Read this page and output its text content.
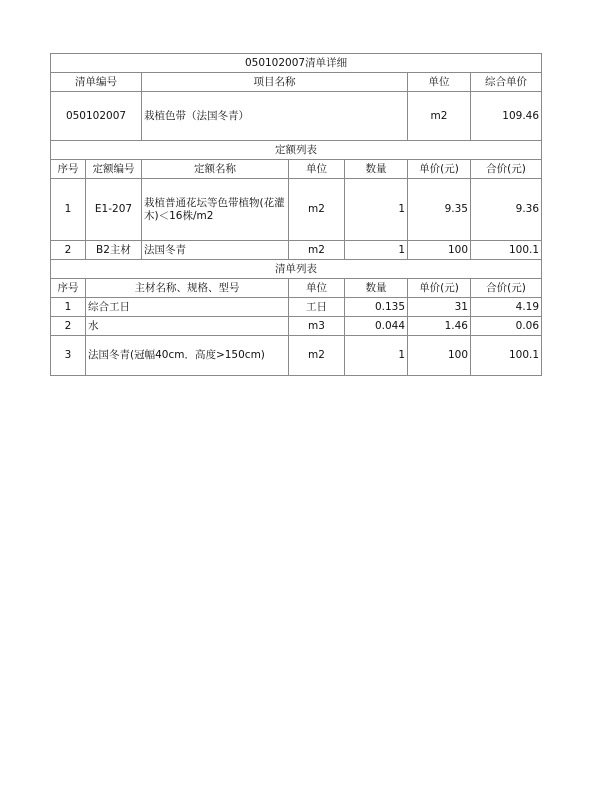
050102007清单详细						
清单编号		项目名称			单位	综合单价
050102007		栽植色带（法国冬青）			m2	109.46
定额列表						
序号	定额编号	定额名称	单位	数量	单价(元)	合价(元)
1	E1-207	栽植普通花坛等色带植物(花灌木)＜16株/m2	m2	1	9.35	9.36
2	B2主材	法国冬青	m2	1	100	100.1
清单列表						
序号	主材名称、规格、型号		单位	数量	单价(元)	合价(元)
1	综合工日		工日	0.135	31	4.19
2	水		m3	0.044	1.46	0.06
3	法国冬青(冠幅40cm．高度>150cm)		m2	1	100	100.1
